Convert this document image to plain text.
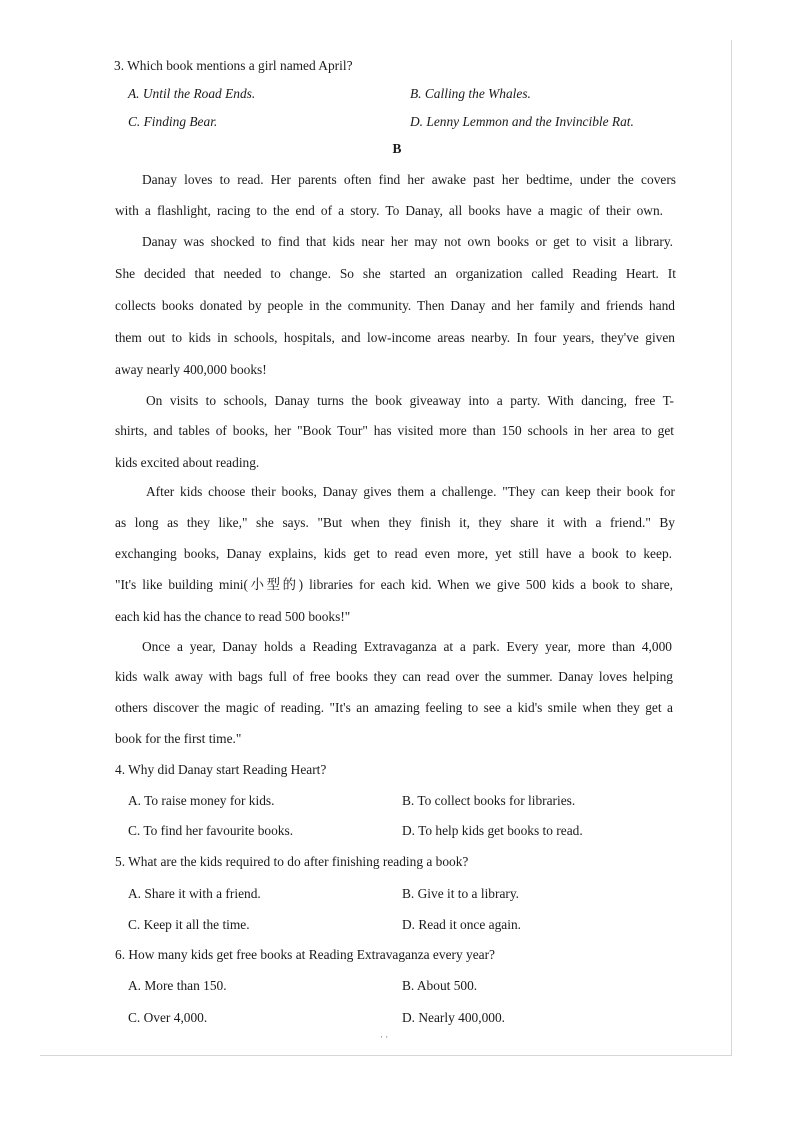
3. Which book mentions a girl named April?
A. Until the Road Ends.	B. Calling the Whales.
C. Finding Bear.	D. Lenny Lemmon and the Invincible Rat.
B
Danay loves to read. Her parents often find her awake past her bedtime, under the covers
with a flashlight, racing to the end of a story. To Danay, all books have a magic of their own.
Danay was shocked to find that kids near her may not own books or get to visit a library.
She decided that needed to change. So she started an organization called Reading Heart. It
collects books donated by people in the community. Then Danay and her family and friends hand
them out to kids in schools, hospitals, and low-income areas nearby. In four years, they've given
away nearly 400,000 books!
On visits to schools, Danay turns the book giveaway into a party. With dancing, free T-
shirts, and tables of books, her "Book Tour" has visited more than 150 schools in her area to get
kids excited about reading.
After kids choose their books, Danay gives them a challenge. "They can keep their book for
as long as they like," she says. "But when they finish it, they share it with a friend." By
exchanging books, Danay explains, kids get to read even more, yet still have a book to keep.
"It's like building mini(小型的) libraries for each kid. When we give 500 kids a book to share,
each kid has the chance to read 500 books!"
Once a year, Danay holds a Reading Extravaganza at a park. Every year, more than 4,000
kids walk away with bags full of free books they can read over the summer. Danay loves helping
others discover the magic of reading. "It's an amazing feeling to see a kid's smile when they get a
book for the first time."
4. Why did Danay start Reading Heart?
A. To raise money for kids.	B. To collect books for libraries.
C. To find her favourite books.	D. To help kids get books to read.
5. What are the kids required to do after finishing reading a book?
A. Share it with a friend.	B. Give it to a library.
C. Keep it all the time.	D. Read it once again.
6. How many kids get free books at Reading Extravaganza every year?
A. More than 150.	B. About 500.
C. Over 4,000.	D. Nearly 400,000.
· ·
